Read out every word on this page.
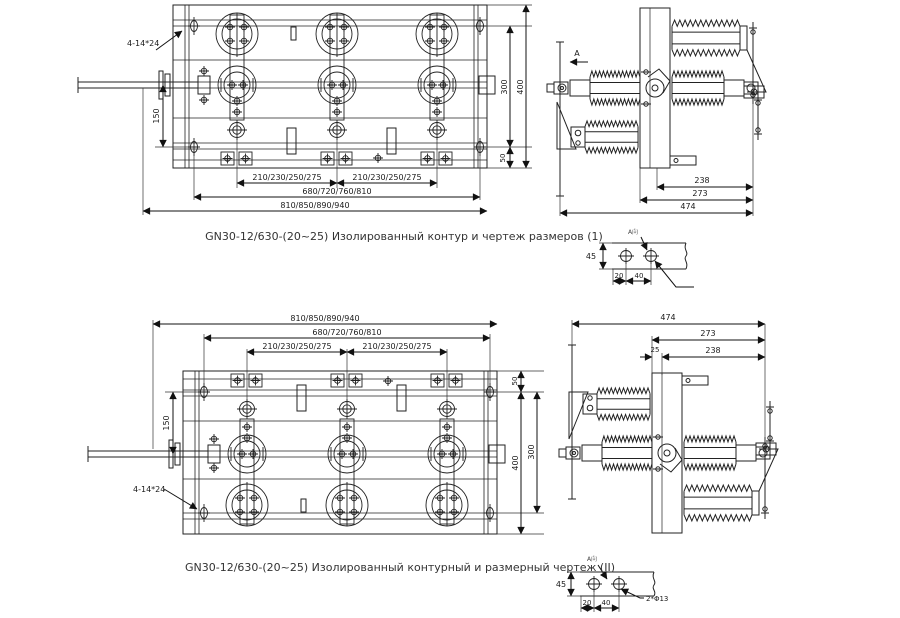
210/230/250/275	210/230/250/275
680/720/760/810
810/850/890/940
300 400
50
150
4-14*24
A
238
273
474
45
20 40
A向
GN30-12/630-(20~25) Изолированный контур и чертеж размеров (1)
210/230/250/275	210/230/250/275
680/720/760/810
810/850/890/940
50
400
300
150
4-14*24
474
273
238
25
45
20 40
A向
2*Φ13
GN30-12/630-(20~25) Изолированный контурный и размерный чертеж (II)
